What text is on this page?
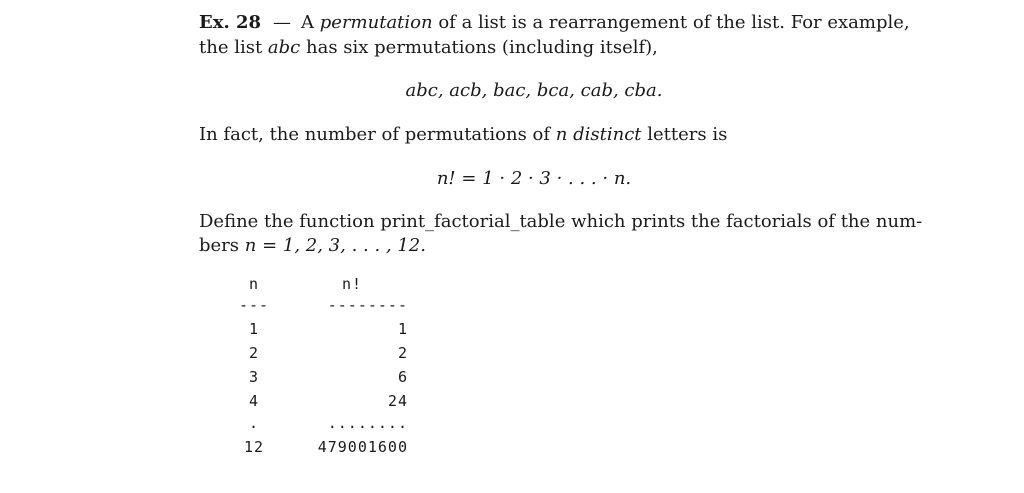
Ex. 28 — A permutation of a list is a rearrangement of the list. For example,
the list abc has six permutations (including itself),
abc, acb, bac, bca, cab, cba.
In fact, the number of permutations of n distinct letters is
n! = 1 · 2 · 3 · . . . · n.
Define the function print_factorial_table which prints the factorials of the num-
bers n = 1, 2, 3, . . . , 12.
n	n!
---	--------
1	1
2	2
3	6
4	24
.	........
12	479001600
